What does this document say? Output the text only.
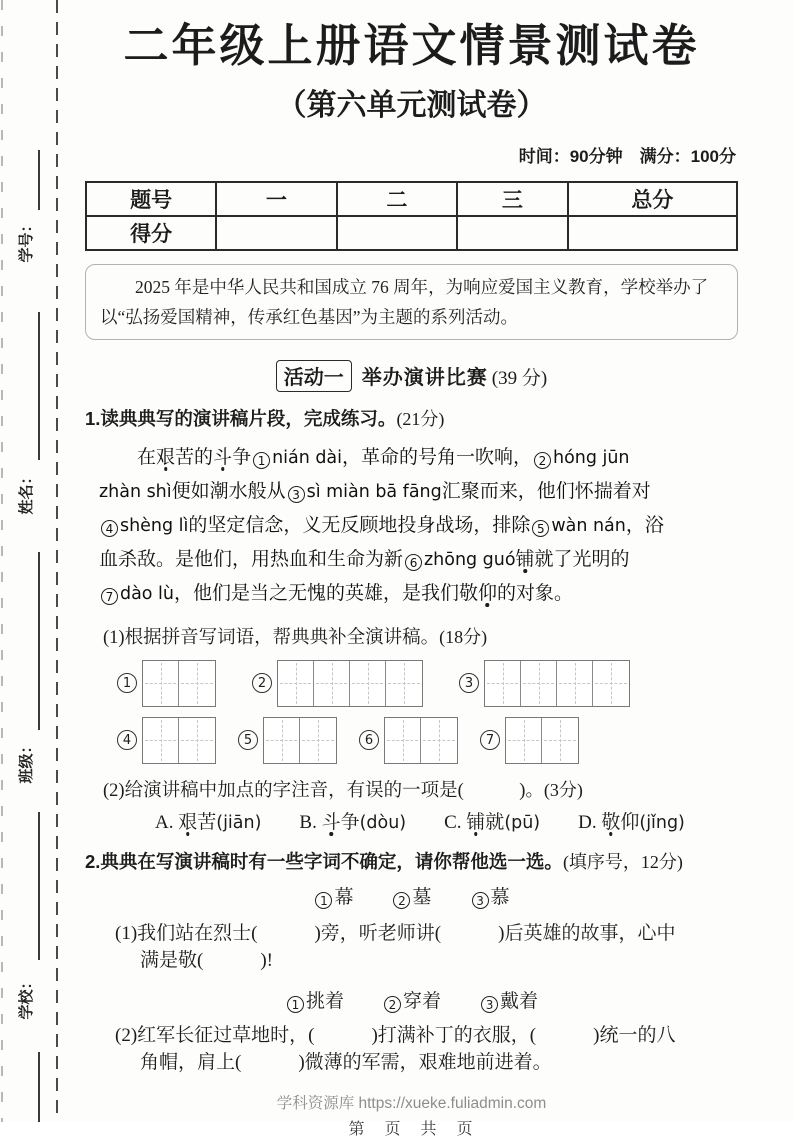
学号：
姓名：
班级：
学校：
二年级上册语文情景测试卷
（第六单元测试卷）
时间：90分钟　满分：100分
题号	一	二	三	总分
得分				
2025 年是中华人民共和国成立 76 周年，为响应爱国主义教育，学校举办了以“弘扬爱国精神，传承红色基因”为主题的系列活动。
活动一 举办演讲比赛 (39 分)
1.读典典写的演讲稿片段，完成练习。(21分)
　　在艰苦的斗争 1 nián dài，革命的号角一吹响， 2 hóng jūn
zhàn shì便如潮水般从 3 sì miàn bā fāng汇聚而来，他们怀揣着对
4 shèng lì的坚定信念，义无反顾地投身战场，排除 5 wàn nán，浴
血杀敌。是他们，用热血和生命为新 6 zhōng guó铺就了光明的
7 dào lù，他们是当之无愧的英雄，是我们敬仰的对象。
(1)根据拼音写词语，帮典典补全演讲稿。(18分)
1	2	3
4	5	6	7
(2)给演讲稿中加点的字注音，有误的一项是(　　　)。(3分)
A. 艰苦(jiān)　　B. 斗争(dòu)　　C. 铺就(pū)　　D. 敬仰(jǐng)
2.典典在写演讲稿时有一些字词不确定，请你帮他选一选。(填序号，12分)
1 幕　　	2 墓　　	3 慕
(1)我们站在烈士(　　　)旁，听老师讲(　　　)后英雄的故事，心中
满是敬(　　　)!
1 挑着　　	2 穿着　　	3 戴着
(2)红军长征过草地时，(　　　)打满补丁的衣服，(　　　)统一的八
角帽，肩上(　　　)微薄的军需，艰难地前进着。
学科资源库 https://xueke.fuliadmin.com
第　页　共　页
